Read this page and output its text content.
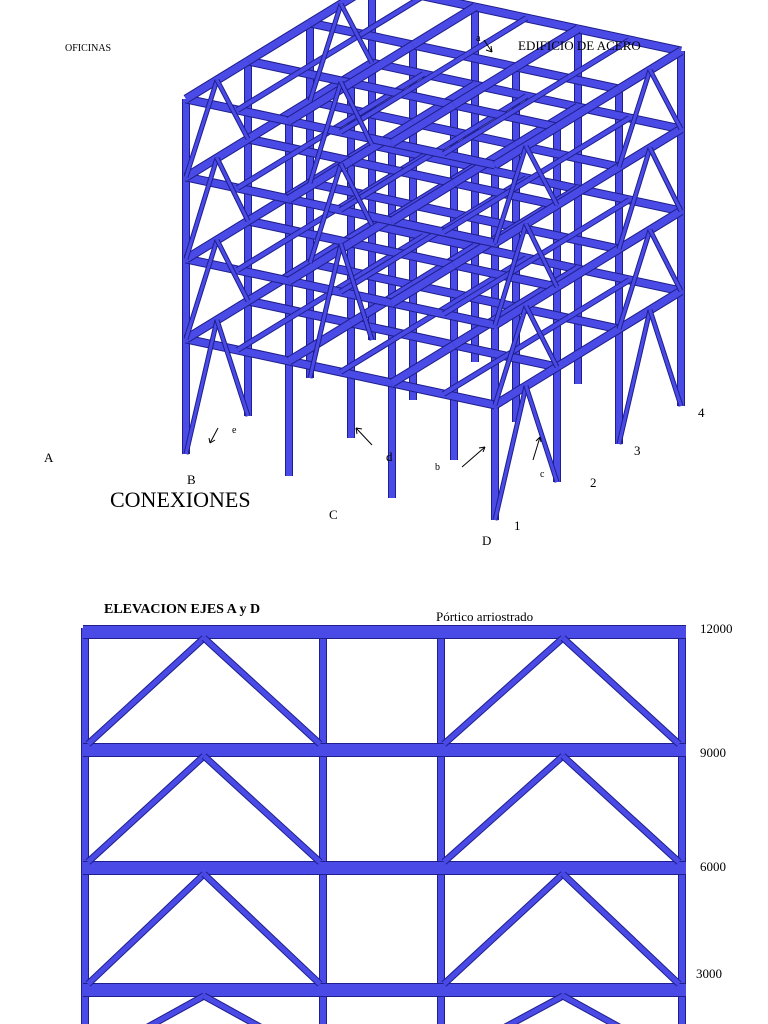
OFICINAS	EDIFICIO DE ACERO
CONEXIONES
A
B
C
D
1
2
3
4
a
b
c
d
e
ELEVACION EJES A y D	Pórtico arriostrado
12000
9000
6000
3000
